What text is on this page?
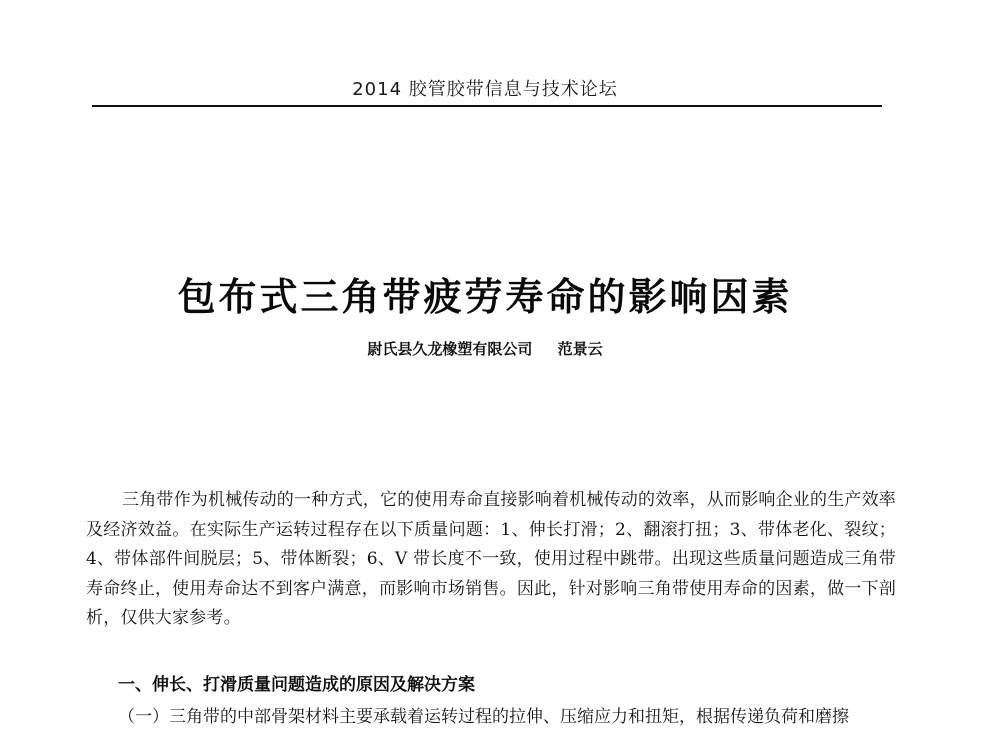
2014 胶管胶带信息与技术论坛
包布式三角带疲劳寿命的影响因素
尉氏县久龙橡塑有限公司 范景云

三角带作为机械传动的一种方式，它的使用寿命直接影响着机械传动的效率，从而影响企业的生产效率及经济效益。在实际生产运转过程存在以下质量问题：1、伸长打滑；2、翻滚打扭；3、带体老化、裂纹；4、带体部件间脱层；5、带体断裂；6、V 带长度不一致，使用过程中跳带。出现这些质量问题造成三角带寿命终止，使用寿命达不到客户满意，而影响市场销售。因此，针对影响三角带使用寿命的因素，做一下剖析，仅供大家参考。

一、伸长、打滑质量问题造成的原因及解决方案

（一）三角带的中部骨架材料主要承载着运转过程的拉伸、压缩应力和扭矩，根据传递负荷和磨擦
